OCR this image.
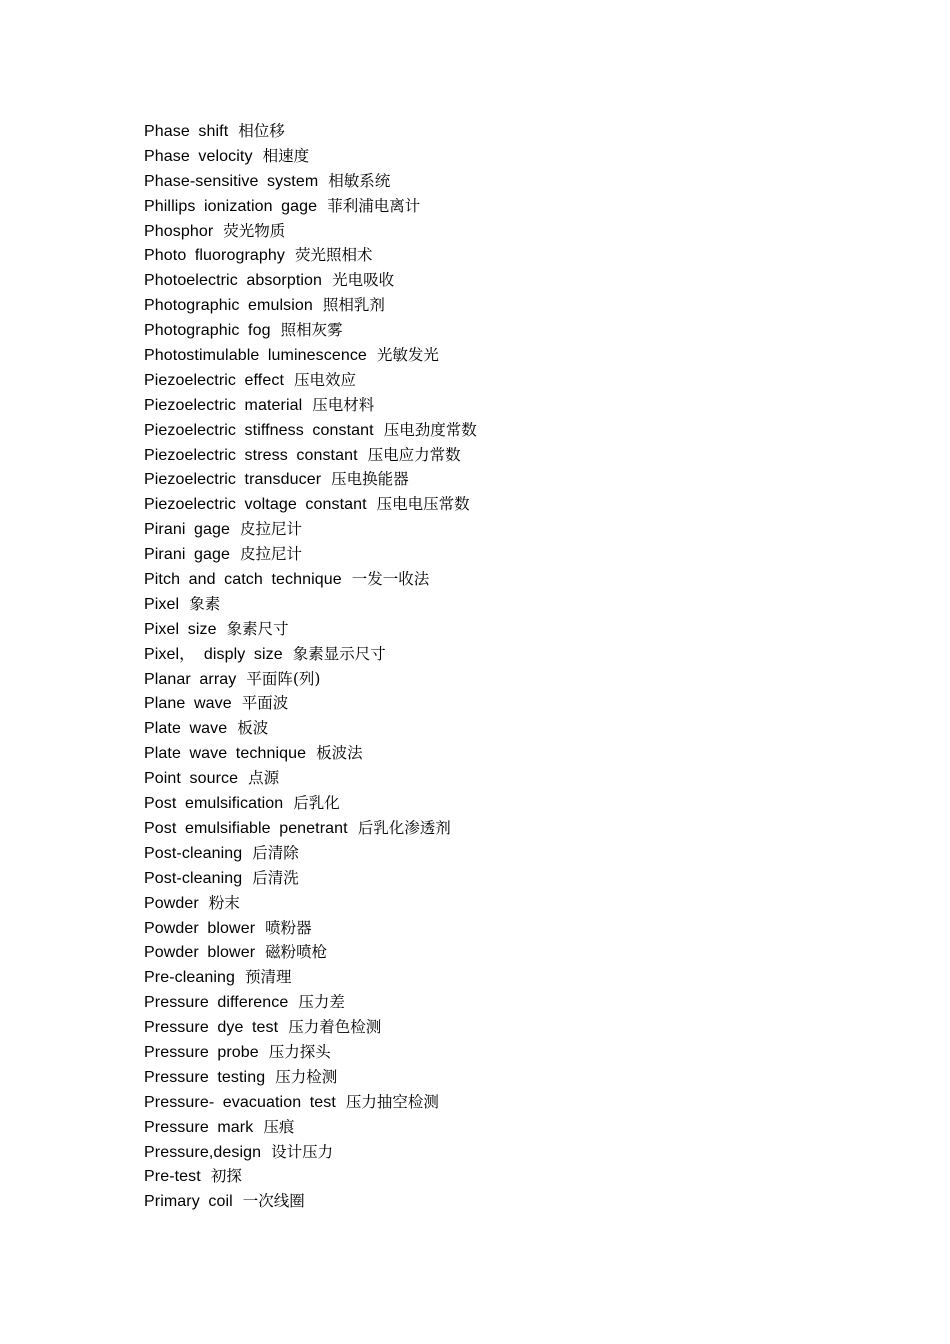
Phase shift 相位移
Phase velocity 相速度
Phase-sensitive system 相敏系统
Phillips ionization gage 菲利浦电离计
Phosphor 荧光物质
Photo fluorography 荧光照相术
Photoelectric absorption 光电吸收
Photographic emulsion 照相乳剂
Photographic fog 照相灰雾
Photostimulable luminescence 光敏发光
Piezoelectric effect 压电效应
Piezoelectric material 压电材料
Piezoelectric stiffness constant 压电劲度常数
Piezoelectric stress constant 压电应力常数
Piezoelectric transducer 压电换能器
Piezoelectric voltage constant 压电电压常数
Pirani gage 皮拉尼计
Pirani gage 皮拉尼计
Pitch and catch technique 一发一收法
Pixel 象素
Pixel size 象素尺寸
Pixel， disply size 象素显示尺寸
Planar array 平面阵(列)
Plane wave 平面波
Plate wave 板波
Plate wave technique 板波法
Point source 点源
Post emulsification 后乳化
Post emulsifiable penetrant 后乳化渗透剂
Post-cleaning 后清除
Post-cleaning 后清洗
Powder 粉末
Powder blower 喷粉器
Powder blower 磁粉喷枪
Pre-cleaning 预清理
Pressure difference 压力差
Pressure dye test 压力着色检测
Pressure probe 压力探头
Pressure testing 压力检测
Pressure- evacuation test 压力抽空检测
Pressure mark 压痕
Pressure,design 设计压力
Pre-test 初探
Primary coil 一次线圈
